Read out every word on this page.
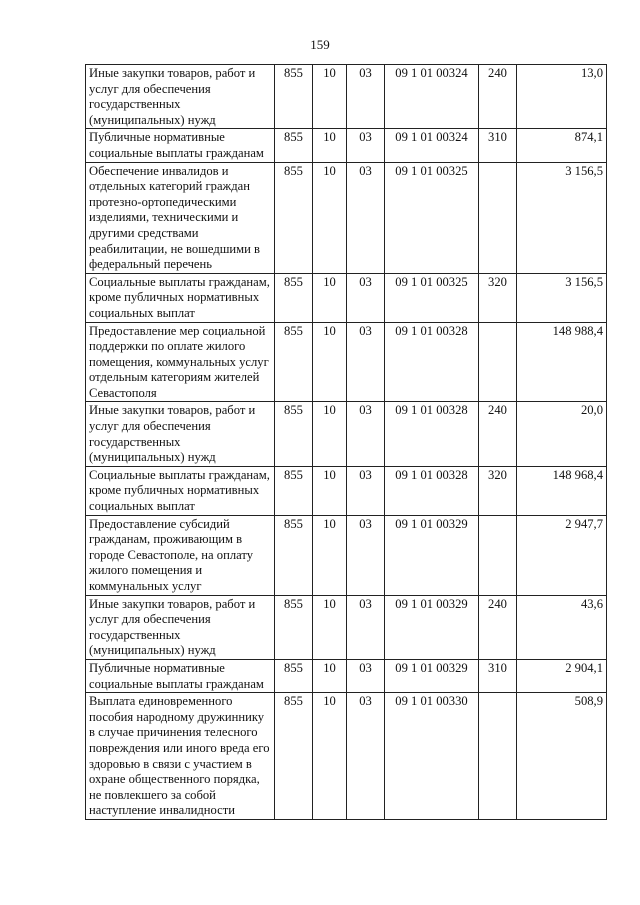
159
Иные закупки товаров, работ и услуг для обеспечения государственных (муниципальных) нужд	855	10	03	09 1 01 00324	240	13,0
Публичные нормативные социальные выплаты гражданам	855	10	03	09 1 01 00324	310	874,1
Обеспечение инвалидов и отдельных категорий граждан протезно-ортопедическими изделиями, техническими и другими средствами реабилитации, не вошедшими в федеральный перечень	855	10	03	09 1 01 00325		3 156,5
Социальные выплаты гражданам, кроме публичных нормативных социальных выплат	855	10	03	09 1 01 00325	320	3 156,5
Предоставление мер социальной поддержки по оплате жилого помещения, коммунальных услуг отдельным категориям жителей Севастополя	855	10	03	09 1 01 00328		148 988,4
Иные закупки товаров, работ и услуг для обеспечения государственных (муниципальных) нужд	855	10	03	09 1 01 00328	240	20,0
Социальные выплаты гражданам, кроме публичных нормативных социальных выплат	855	10	03	09 1 01 00328	320	148 968,4
Предоставление субсидий гражданам, проживающим в городе Севастополе, на оплату жилого помещения и коммунальных услуг	855	10	03	09 1 01 00329		2 947,7
Иные закупки товаров, работ и услуг для обеспечения государственных (муниципальных) нужд	855	10	03	09 1 01 00329	240	43,6
Публичные нормативные социальные выплаты гражданам	855	10	03	09 1 01 00329	310	2 904,1
Выплата единовременного пособия народному дружиннику в случае причинения телесного повреждения или иного вреда его здоровью в связи с участием в охране общественного порядка, не повлекшего за собой наступление инвалидности	855	10	03	09 1 01 00330		508,9
